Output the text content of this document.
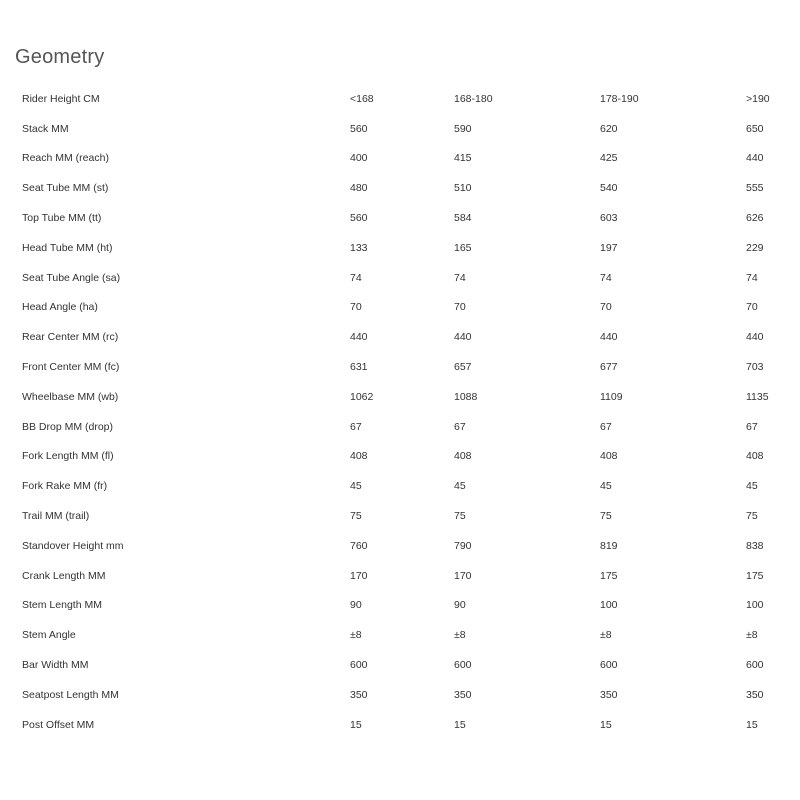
Geometry
Rider Height CM	<168	168-180	178-190	>190
Stack MM	560	590	620	650
Reach MM (reach)	400	415	425	440
Seat Tube MM (st)	480	510	540	555
Top Tube MM (tt)	560	584	603	626
Head Tube MM (ht)	133	165	197	229
Seat Tube Angle (sa)	74	74	74	74
Head Angle (ha)	70	70	70	70
Rear Center MM (rc)	440	440	440	440
Front Center MM (fc)	631	657	677	703
Wheelbase MM (wb)	1062	1088	1109	1135
BB Drop MM (drop)	67	67	67	67
Fork Length MM (fl)	408	408	408	408
Fork Rake MM (fr)	45	45	45	45
Trail MM (trail)	75	75	75	75
Standover Height mm	760	790	819	838
Crank Length MM	170	170	175	175
Stem Length MM	90	90	100	100
Stem Angle	±8	±8	±8	±8
Bar Width MM	600	600	600	600
Seatpost Length MM	350	350	350	350
Post Offset MM	15	15	15	15
